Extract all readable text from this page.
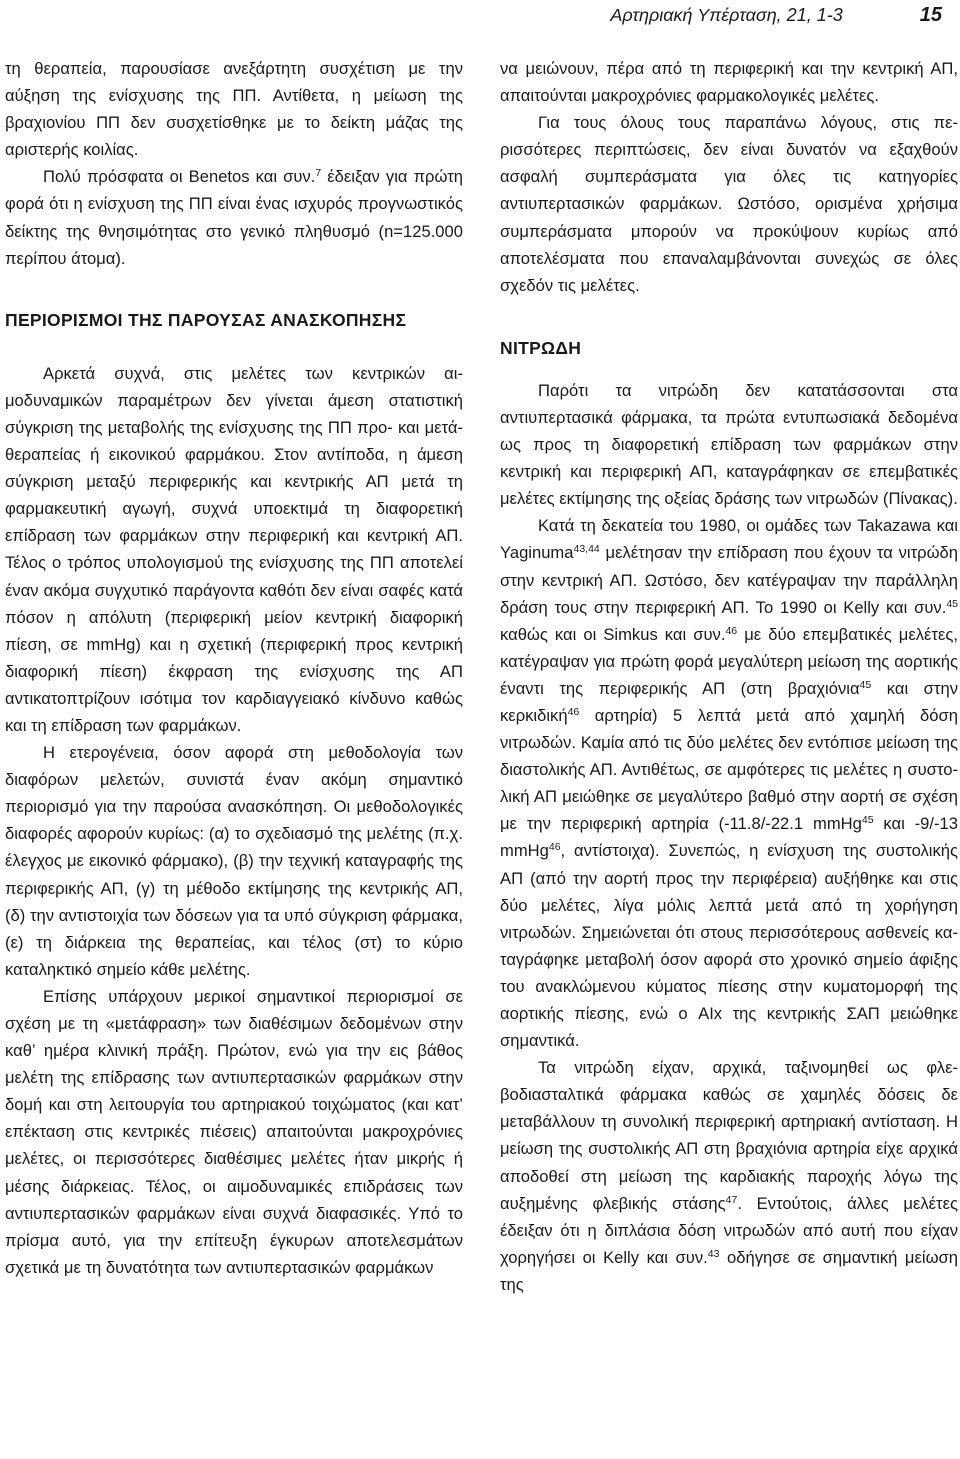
Αρτηριακή Υπέρταση, 21, 1-3	15

τη θεραπεία, παρουσίασε ανεξάρτητη συσχέτιση με την αύξηση της ενίσχυσης της ΠΠ. Αντίθετα, η μείωση της βραχιονίου ΠΠ δεν συσχετίσθηκε με το δείκτη μάζας της αριστερής κοιλίας.

Πολύ πρόσφατα οι Benetos και συν.$^7$ έδειξαν για πρώτη φορά ότι η ενίσχυση της ΠΠ είναι ένας ισχυρός προγνωστικός δείκτης της θνησιμότητας στο γενικό πληθυσμό (n=125.000 περίπου άτομα).

ΠΕΡΙΟΡΙΣΜΟΙ ΤΗΣ ΠΑΡΟΥΣΑΣ ΑΝΑΣΚΟΠΗΣΗΣ

Αρκετά συχνά, στις μελέτες των κεντρικών αιμοδυναμικών παραμέτρων δεν γίνεται άμεση στατιστική σύγκριση της μεταβολής της ενίσχυσης της ΠΠ προ- και μετά- θεραπείας ή εικονικού φαρμάκου. Στον αντίποδα, η άμεση σύγκριση μεταξύ περιφερικής και κεντρικής ΑΠ μετά τη φαρμακευτική αγωγή, συχνά υποεκτιμά τη διαφορετική επίδραση των φαρμάκων στην περιφερική και κεντρική ΑΠ. Τέλος ο τρόπος υπολογισμού της ενίσχυσης της ΠΠ αποτελεί έναν ακόμα συγχυτικό παράγοντα καθότι δεν είναι σαφές κατά πόσον η απόλυτη (περιφερική μείον κεντρική διαφορική πίεση, σε mmHg) και η σχετική (περιφερική προς κεντρική διαφορική πίεση) έκφραση της ενίσχυσης της ΑΠ αντικατοπτρίζουν ισότιμα τον καρδιαγγειακό κίνδυνο καθώς και τη επίδραση των φαρμάκων.

Η ετερογένεια, όσον αφορά στη μεθοδολογία των διαφόρων μελετών, συνιστά έναν ακόμη σημαντικό περιορισμό για την παρούσα ανασκόπηση. Οι μεθοδολογικές διαφορές αφορούν κυρίως: (α) το σχεδιασμό της μελέτης (π.χ. έλεγχος με εικονικό φάρμακο), (β) την τεχνική καταγραφής της περιφερικής ΑΠ, (γ) τη μέθοδο εκτίμησης της κεντρικής ΑΠ, (δ) την αντιστοιχία των δόσεων για τα υπό σύγκριση φάρμακα, (ε) τη διάρκεια της θεραπείας, και τέλος (στ) το κύριο καταληκτικό σημείο κάθε μελέτης.

Επίσης υπάρχουν μερικοί σημαντικοί περιορισμοί σε σχέση με τη «μετάφραση» των διαθέσιμων δεδομένων στην καθ’ ημέρα κλινική πράξη. Πρώτον, ενώ για την εις βάθος μελέτη της επίδρασης των αντιυπερτασικών φαρμάκων στην δομή και στη λειτουργία του αρτηριακού τοιχώματος (και κατ’ επέκταση στις κεντρικές πιέσεις) απαιτούνται μακροχρόνιες μελέτες, οι περισσότερες διαθέσιμες μελέτες ήταν μικρής ή μέσης διάρκειας. Τέλος, οι αιμοδυναμικές επιδράσεις των αντιυπερτασικών φαρμάκων είναι συχνά διαφασικές. Υπό το πρίσμα αυτό, για την επίτευξη έγκυρων αποτελεσμάτων σχετικά με τη δυνατότητα των αντιυπερτασικών φαρμάκων

να μειώνουν, πέρα από τη περιφερική και την κεντρική ΑΠ, απαιτούνται μακροχρόνιες φαρμακολογικές μελέτες.

Για τους όλους τους παραπάνω λόγους, στις περισσότερες περιπτώσεις, δεν είναι δυνατόν να εξαχθούν ασφαλή συμπεράσματα για όλες τις κατηγορίες αντιυπερτασικών φαρμάκων. Ωστόσο, ορισμένα χρήσιμα συμπεράσματα μπορούν να προκύψουν κυρίως από αποτελέσματα που επαναλαμβάνονται συνεχώς σε όλες σχεδόν τις μελέτες.

ΝΙΤΡΩΔΗ

Παρότι τα νιτρώδη δεν κατατάσσονται στα αντιυπερτασικά φάρμακα, τα πρώτα εντυπωσιακά δεδομένα ως προς τη διαφορετική επίδραση των φαρμάκων στην κεντρική και περιφερική ΑΠ, καταγράφηκαν σε επεμβατικές μελέτες εκτίμησης της οξείας δράσης των νιτρωδών (Πίνακας).

Κατά τη δεκατεία του 1980, οι ομάδες των Takazawa και Yaginuma$^{43,44}$ μελέτησαν την επίδραση που έχουν τα νιτρώδη στην κεντρική ΑΠ. Ωστόσο, δεν κατέγραψαν την παράλληλη δράση τους στην περιφερική ΑΠ. Το 1990 οι Kelly και συν.$^{45}$ καθώς και οι Simkus και συν.$^{46}$ με δύο επεμβατικές μελέτες, κατέγραψαν για πρώτη φορά μεγαλύτερη μείωση της αορτικής έναντι της περιφερικής ΑΠ (στη βραχιόνια$^{45}$ και στην κερκιδική$^{46}$ αρτηρία) 5 λεπτά μετά από χαμηλή δόση νιτρωδών. Καμία από τις δύο μελέτες δεν εντόπισε μείωση της διαστολικής ΑΠ. Αντιθέτως, σε αμφότερες τις μελέτες η συστολική ΑΠ μειώθηκε σε μεγαλύτερο βαθμό στην αορτή σε σχέση με την περιφερική αρτηρία (-11.8/-22.1 mmHg$^{45}$ και -9/-13 mmHg$^{46}$, αντίστοιχα). Συνεπώς, η ενίσχυση της συστολικής ΑΠ (από την αορτή προς την περιφέρεια) αυξήθηκε και στις δύο μελέτες, λίγα μόλις λεπτά μετά από τη χορήγηση νιτρωδών. Σημειώνεται ότι στους περισσότερους ασθενείς καταγράφηκε μεταβολή όσον αφορά στο χρονικό σημείο άφιξης του ανακλώμενου κύματος πίεσης στην κυματομορφή της αορτικής πίεσης, ενώ ο AIx της κεντρικής ΣΑΠ μειώθηκε σημαντικά.

Τα νιτρώδη είχαν, αρχικά, ταξινομηθεί ως φλεβοδιασταλτικά φάρμακα καθώς σε χαμηλές δόσεις δε μεταβάλλουν τη συνολική περιφερική αρτηριακή αντίσταση. Η μείωση της συστολικής ΑΠ στη βραχιόνια αρτηρία είχε αρχικά αποδοθεί στη μείωση της καρδιακής παροχής λόγω της αυξημένης φλεβικής στάσης$^{47}$. Εντούτοις, άλλες μελέτες έδειξαν ότι η διπλάσια δόση νιτρωδών από αυτή που είχαν χορηγήσει οι Kelly και συν.$^{43}$ οδήγησε σε σημαντική μείωση της
